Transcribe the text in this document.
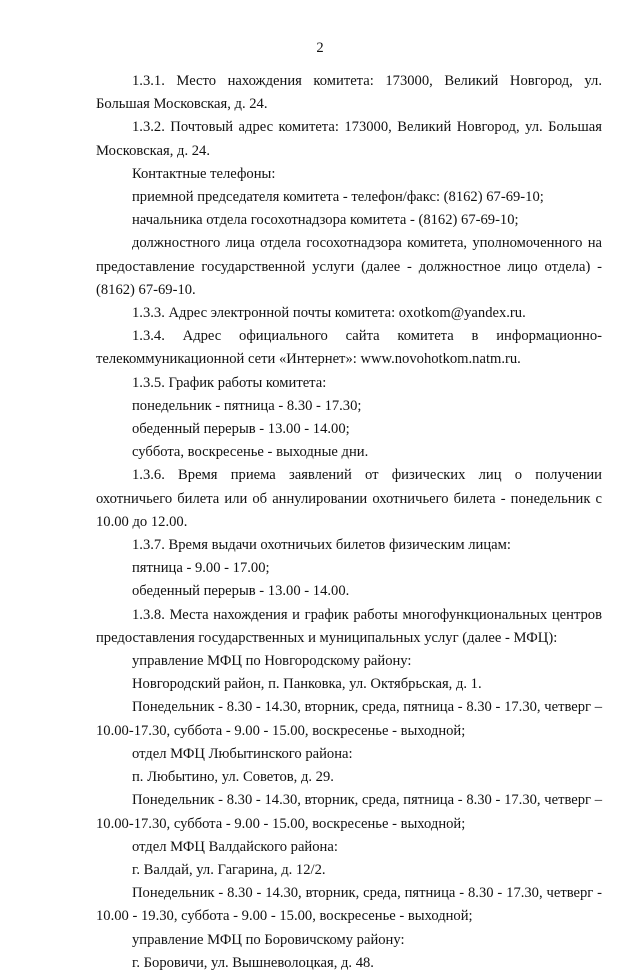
2

1.3.1. Место нахождения комитета: 173000, Великий Новгород, ул. Большая Московская, д. 24.

1.3.2. Почтовый адрес комитета: 173000, Великий Новгород, ул. Большая Московская, д. 24.

Контактные телефоны:

приемной председателя комитета - телефон/факс: (8162) 67-69-10;

начальника отдела госохотнадзора комитета - (8162) 67-69-10;

должностного лица отдела госохотнадзора комитета, уполномоченного на предоставление государственной услуги (далее - должностное лицо отдела) - (8162) 67-69-10.

1.3.3. Адрес электронной почты комитета: oxotkom@yandex.ru.

1.3.4. Адрес официального сайта комитета в информационно-телекоммуникационной сети «Интернет»: www.novohotkom.natm.ru.

1.3.5. График работы комитета:

понедельник - пятница - 8.30 - 17.30;

обеденный перерыв - 13.00 - 14.00;

суббота, воскресенье - выходные дни.

1.3.6. Время приема заявлений от физических лиц о получении охотничьего билета или об аннулировании охотничьего билета - понедельник с 10.00 до 12.00.

1.3.7. Время выдачи охотничьих билетов физическим лицам:

пятница - 9.00 - 17.00;

обеденный перерыв - 13.00 - 14.00.

1.3.8. Места нахождения и график работы многофункциональных центров предоставления государственных и муниципальных услуг (далее - МФЦ):

управление МФЦ по Новгородскому району:

Новгородский район, п. Панковка, ул. Октябрьская, д. 1.

Понедельник - 8.30 - 14.30, вторник, среда, пятница - 8.30 - 17.30, четверг – 10.00-17.30, суббота - 9.00 - 15.00, воскресенье - выходной;

отдел МФЦ Любытинского района:

п. Любытино, ул. Советов, д. 29.

Понедельник - 8.30 - 14.30, вторник, среда, пятница - 8.30 - 17.30, четверг – 10.00-17.30, суббота - 9.00 - 15.00, воскресенье - выходной;

отдел МФЦ Валдайского района:

г. Валдай, ул. Гагарина, д. 12/2.

Понедельник - 8.30 - 14.30, вторник, среда, пятница - 8.30 - 17.30, четверг - 10.00 - 19.30, суббота - 9.00 - 15.00, воскресенье - выходной;

управление МФЦ по Боровичскому району:

г. Боровичи, ул. Вышневолоцкая, д. 48.
